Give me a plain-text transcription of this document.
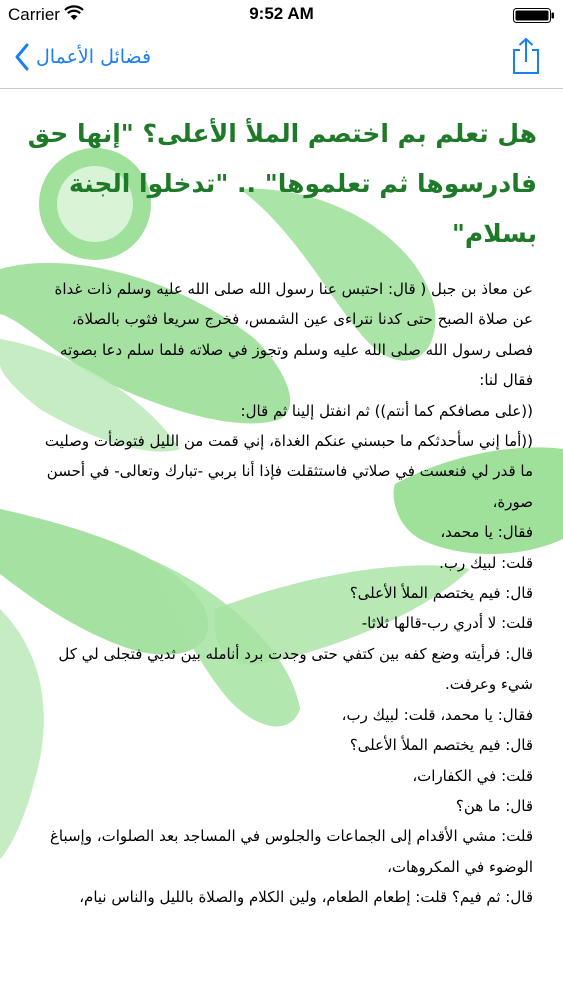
Carrier	9:52 AM
فضائل الأعمال
هل تعلم بم اختصم الملأ الأعلى؟ "إنها حق فادرسوها ثم تعلموها" .. "تدخلوا الجنة بسلام"
عن معاذ بن جبل ( قال: احتبس عنا رسول الله صلى الله عليه وسلم ذات غداة عن صلاة الصبح حتى كدنا نتراءى عين الشمس، فخرج سريعا فثوب بالصلاة، فصلى رسول الله صلى الله عليه وسلم وتجوز في صلاته فلما سلم دعا بصوته فقال لنا:
((على مصافكم كما أنتم)) ثم انفتل إلينا ثم قال:
((أما إني سأحدثكم ما حبسني عنكم الغداة، إني قمت من الليل فتوضأت وصليت ما قدر لي فنعست في صلاتي فاستثقلت فإذا أنا بربي -تبارك وتعالى- في أحسن صورة،
فقال: يا محمد،
قلت: لبيك رب.
قال: فيم يختصم الملأ الأعلى؟
قلت: لا أدري رب-قالها ثلاثا-
قال: فرأيته وضع كفه بين كتفي حتى وجدت برد أنامله بين ثديي فتجلى لي كل شيء وعرفت.
فقال: يا محمد، قلت: لبيك رب،
قال: فيم يختصم الملأ الأعلى؟
قلت: في الكفارات،
قال: ما هن؟
قلت: مشي الأقدام إلى الجماعات والجلوس في المساجد بعد الصلوات، وإسباغ الوضوء في المكروهات،
قال: ثم فيم؟ قلت: إطعام الطعام، ولين الكلام والصلاة بالليل والناس نيام،
